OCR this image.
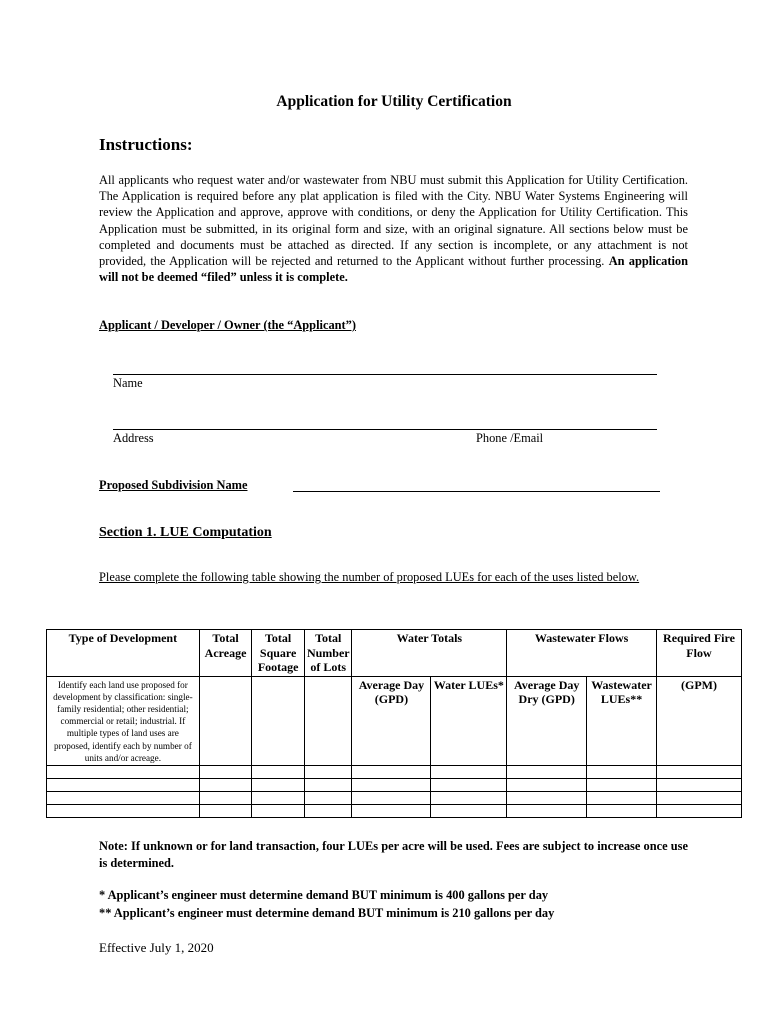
Application for Utility Certification
Instructions:
All applicants who request water and/or wastewater from NBU must submit this Application for Utility Certification. The Application is required before any plat application is filed with the City. NBU Water Systems Engineering will review the Application and approve, approve with conditions, or deny the Application for Utility Certification. This Application must be submitted, in its original form and size, with an original signature. All sections below must be completed and documents must be attached as directed. If any section is incomplete, or any attachment is not provided, the Application will be rejected and returned to the Applicant without further processing. An application will not be deemed “filed” unless it is complete.
Applicant / Developer / Owner (the “Applicant”)
Name
Address	Phone /Email
Proposed Subdivision Name
Section 1. LUE Computation
Please complete the following table showing the number of proposed LUEs for each of the uses listed below.
Type of Development	Total Acreage	Total Square Footage	Total Number of Lots	Water Totals		Wastewater Flows		Required Fire Flow
Identify each land use proposed for development by classification: single-family residential; other residential; commercial or retail; industrial. If multiple types of land uses are proposed, identify each by number of units and/or acreage.				Average Day (GPD)	Water LUEs*	Average Day Dry (GPD)	Wastewater LUEs**	(GPM)

Note: If unknown or for land transaction, four LUEs per acre will be used. Fees are subject to increase once use is determined.
* Applicant’s engineer must determine demand BUT minimum is 400 gallons per day
** Applicant’s engineer must determine demand BUT minimum is 210 gallons per day
Effective July 1, 2020
